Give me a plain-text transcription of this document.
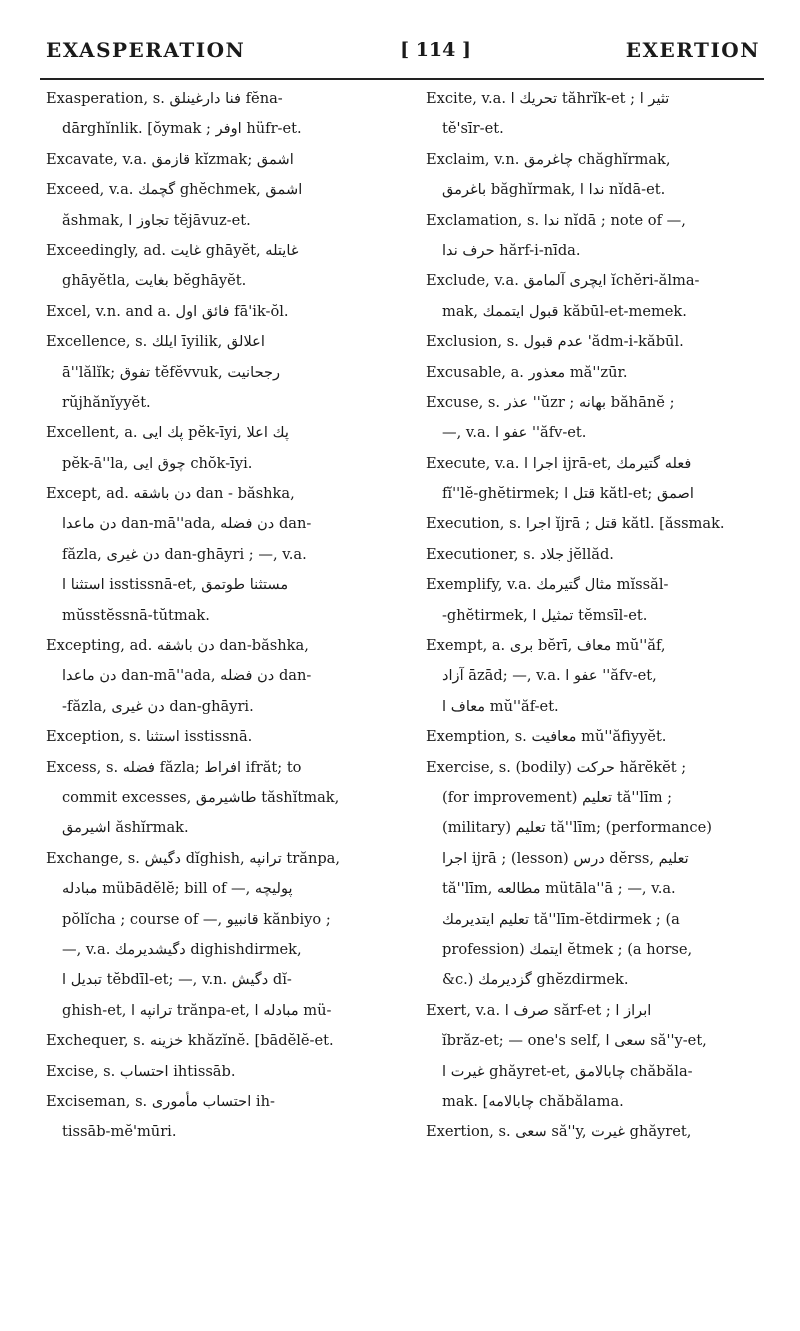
EXASPERATION	[ 114 ]	EXERTION
Exasperation, s. فنا دارغینلق fĕna-
dārghĭnlik. [ŏymak ; اوفر hüfr-et.
Excavate, v.a. قازمق kĭzmak; اشمق
Exceed, v.a. گچمك ghĕchmek, اشمق
ăshmak, تجاوز ا tĕjāvuz-et.
Exceedingly, ad. غایت ghāyĕt, غایتله
ghāyĕtla, بغایت bĕghāyĕt.
Excel, v.n. and a. فائق اول fā'ik-ŏl.
Excellence, s. ایلك īyilik, اعلالق
ā''lălĭk; تفوق tĕfĕvvuk, رجحانیت
rŭjhănĭyyĕt.
Excellent, a. پك ایی pĕk-īyi, پك اعلا
pĕk-ā''la, چوق ایی chŏk-īyi.
Except, ad. دن باشقه dan - băshka,
دن ماعدا dan-mā''ada, دن فضله dan-
făzla, دن غیری dan-ghāyri ; —, v.a.
استثنا ا isstissnā-et, مستثنا طوتمق
mŭsstĕssnā-tŭtmak.
Excepting, ad. دن باشقه dan-băshka,
دن ماعدا dan-mā''ada, دن فضله dan-
-făzla, دن غیری dan-ghāyri.
Exception, s. استثنا isstissnā.
Excess, s. فضله făzla; افراط ifrăt; to
commit excesses, طاشیرمق tăshĭtmak,
اشیرمق ăshĭrmak.
Exchange, s. دگیش dĭghish, ترانپه trănpa,
مبادله mübādĕlĕ; bill of —, پولیچه
pŏlĭcha ; course of —, قانبیو kănbiyo ;
—, v.a. دگیشدیرمك dighishdirmek,
تبدیل ا tĕbdīl-et; —, v.n. دگیش dĭ-
ghish-et, ترانپه ا trănpa-et, مبادله ا mü-
Exchequer, s. خزینه khăzĭnĕ. [bādĕlĕ-et.
Excise, s. احتساب ihtissāb.
Exciseman, s. احتساب مأموری ih-
tissāb-mĕ'mūri.
Excite, v.a. تحریك ا tăhrĭk-et ; تثیر ا
tĕ'sīr-et.
Exclaim, v.n. چاغرمق chăghĭrmak,
باغرمق băghĭrmak, ندا ا nĭdā-et.
Exclamation, s. ندا nĭdā ; note of —,
حرف ندا hărf-i-nīda.
Exclude, v.a. ایچری آلمامق ĭchĕri-ălma-
mak, قبول ایتممك kăbūl-et-memek.
Exclusion, s. عدم قبول 'ădm-i-kăbūl.
Excusable, a. معذور mă''zūr.
Excuse, s. عذر ''ŭzr ; بهانه băhānĕ ;
—, v.a. عفو ا ''ăfv-et.
Execute, v.a. اجرا ا ijrā-et, فعله گتیرمك
fĭ''lĕ-ghĕtirmek; قتل ا kătl-et; اصمق
Execution, s. اجرا ĭjrā ; قتل kătl. [ăssmak.
Executioner, s. جلاد jĕllăd.
Exemplify, v.a. مثال گتیرمك mĭssăl-
-ghĕtirmek, تمثیل ا tĕmsīl-et.
Exempt, a. بری bĕrī, معاف mŭ''ăf,
آزاد āzād; —, v.a. عفو ا ''ăfv-et,
معاف ا mŭ''ăf-et.
Exemption, s. معافیت mŭ''ăfiyyĕt.
Exercise, s. (bodily) حركت hărĕkĕt ;
(for improvement) تعلیم tă''līm ;
(military) تعلیم tă''līm; (performance)
اجرا ijrā ; (lesson) درس dĕrss, تعلیم
tă''līm, مطالعه mütāla''ā ; —, v.a.
تعلیم ایتدیرمك tă''līm-ĕtdirmek ; (a
profession) ایتمك ĕtmek ; (a horse,
&c.) گزدیرمك ghĕzdirmek.
Exert, v.a. صرف ا sărf-et ; ابراز ا
ĭbrăz-et; — one's self, سعی ا să''y-et,
غیرت ا ghăyret-et, چابالامق chăbăla-
mak. [چابالامه chăbălama.
Exertion, s. سعی să''y, غیرت ghăyret,
